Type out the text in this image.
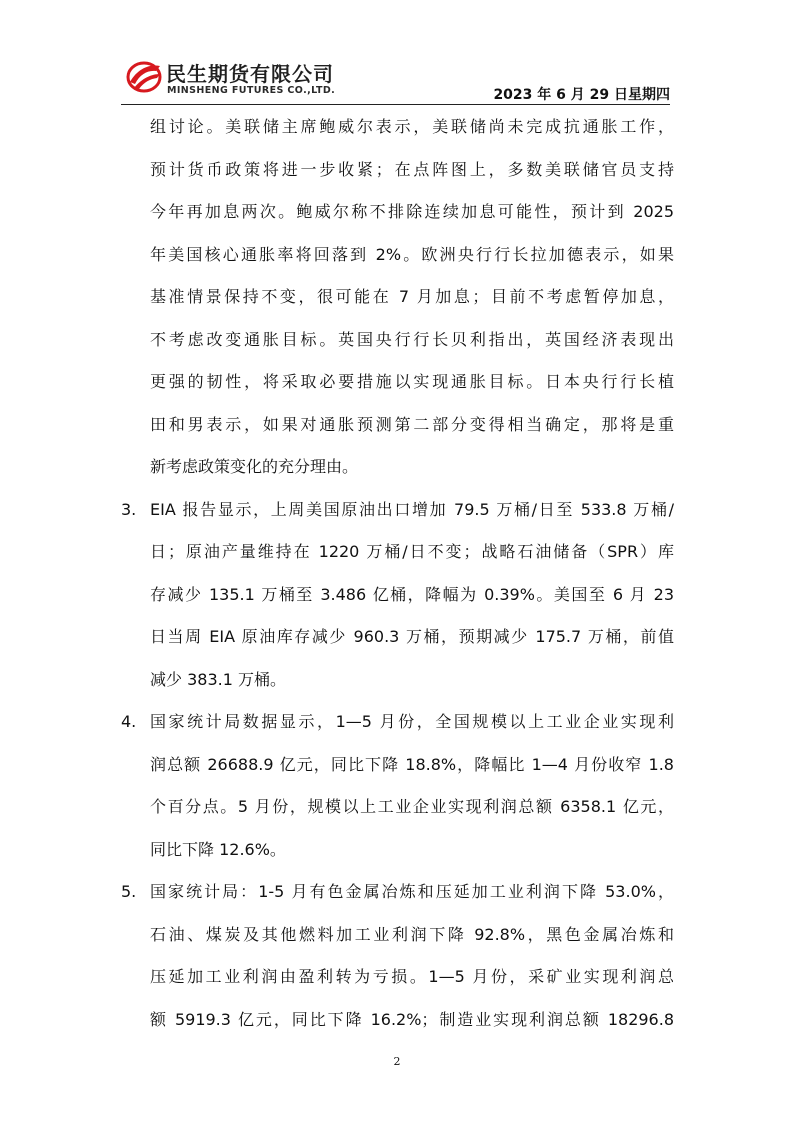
民生期货有限公司
MINSHENG FUTURES CO.,LTD.	2023 年 6 月 29 日星期四
组讨论。美联储主席鲍威尔表示，美联储尚未完成抗通胀工作，
预计货币政策将进一步收紧；在点阵图上，多数美联储官员支持
今年再加息两次。鲍威尔称不排除连续加息可能性，预计到 2025
年美国核心通胀率将回落到 2%。欧洲央行行长拉加德表示，如果
基准情景保持不变，很可能在 7 月加息；目前不考虑暂停加息，
不考虑改变通胀目标。英国央行行长贝利指出，英国经济表现出
更强的韧性，将采取必要措施以实现通胀目标。日本央行行长植
田和男表示，如果对通胀预测第二部分变得相当确定，那将是重
新考虑政策变化的充分理由。
3. EIA 报告显示，上周美国原油出口增加 79.5 万桶/日至 533.8 万桶/
日；原油产量维持在 1220 万桶/日不变；战略石油储备（SPR）库
存减少 135.1 万桶至 3.486 亿桶，降幅为 0.39%。美国至 6 月 23
日当周 EIA 原油库存减少 960.3 万桶，预期减少 175.7 万桶，前值
减少 383.1 万桶。
4. 国家统计局数据显示，1—5 月份，全国规模以上工业企业实现利
润总额 26688.9 亿元，同比下降 18.8%，降幅比 1—4 月份收窄 1.8
个百分点。5 月份，规模以上工业企业实现利润总额 6358.1 亿元，
同比下降 12.6%。
5. 国家统计局：1-5 月有色金属冶炼和压延加工业利润下降 53.0%，
石油、煤炭及其他燃料加工业利润下降 92.8%，黑色金属冶炼和
压延加工业利润由盈利转为亏损。1—5 月份，采矿业实现利润总
额 5919.3 亿元，同比下降 16.2%；制造业实现利润总额 18296.8
2
